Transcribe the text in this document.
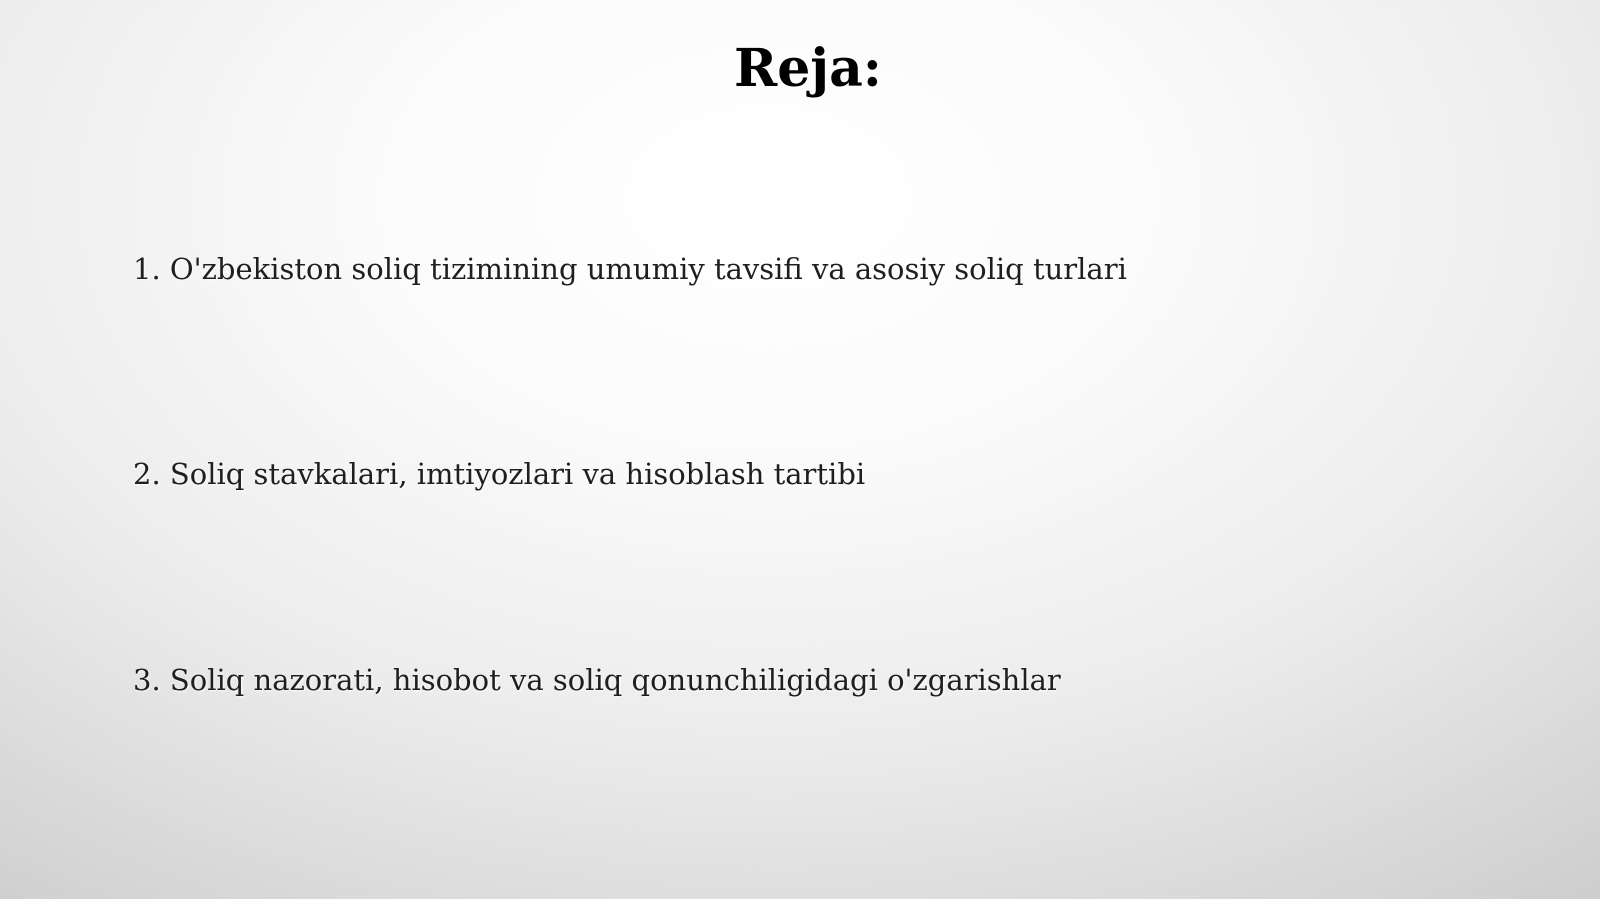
Reja:
1. O'zbekiston soliq tizimining umumiy tavsifi va asosiy soliq turlari
2. Soliq stavkalari, imtiyozlari va hisoblash tartibi
3. Soliq nazorati, hisobot va soliq qonunchiligidagi o'zgarishlar
